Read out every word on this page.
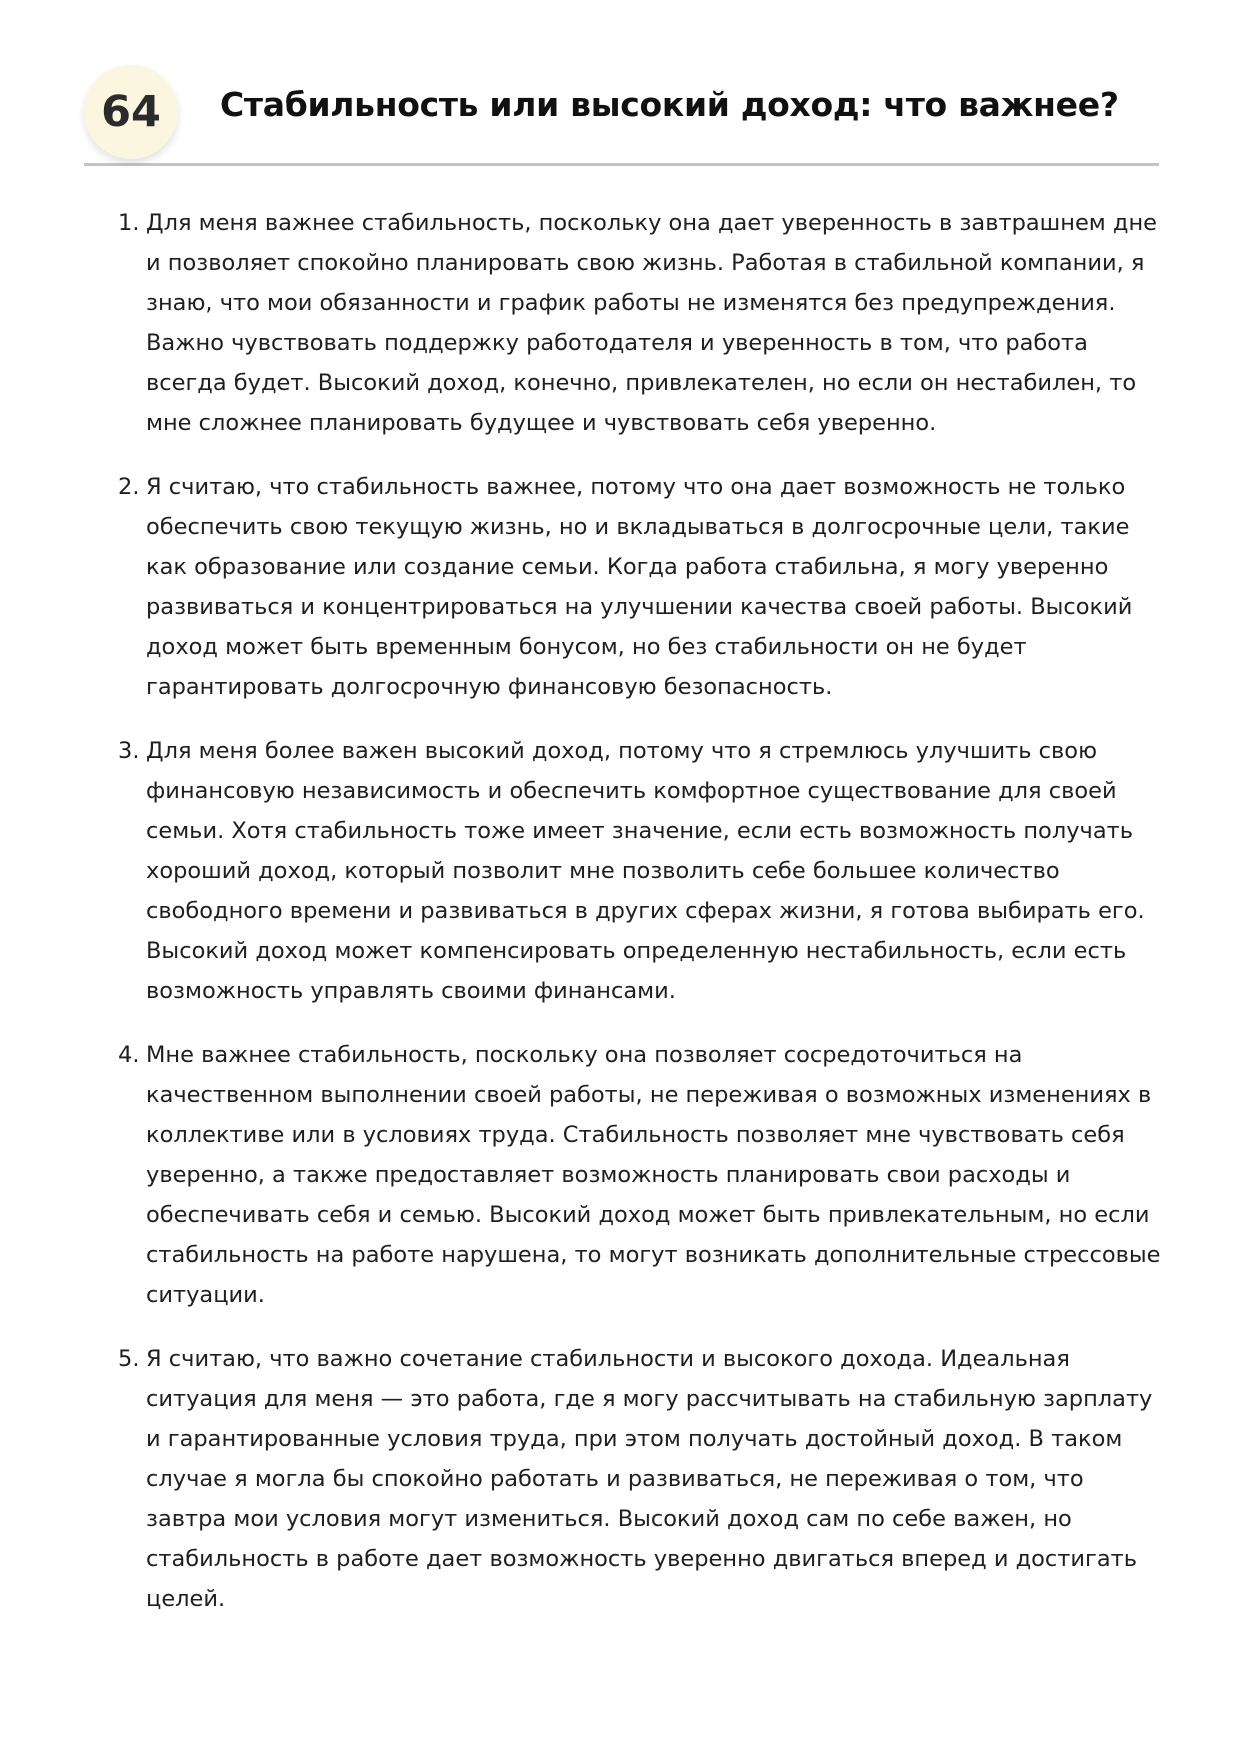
64	Стабильность или высокий доход: что важнее?
1. Для меня важнее стабильность, поскольку она дает уверенность в завтрашнем дне и позволяет спокойно планировать свою жизнь. Работая в стабильной компании, я знаю, что мои обязанности и график работы не изменятся без предупреждения. Важно чувствовать поддержку работодателя и уверенность в том, что работа всегда будет. Высокий доход, конечно, привлекателен, но если он нестабилен, то мне сложнее планировать будущее и чувствовать себя уверенно.
2. Я считаю, что стабильность важнее, потому что она дает возможность не только обеспечить свою текущую жизнь, но и вкладываться в долгосрочные цели, такие как образование или создание семьи. Когда работа стабильна, я могу уверенно развиваться и концентрироваться на улучшении качества своей работы. Высокий доход может быть временным бонусом, но без стабильности он не будет гарантировать долгосрочную финансовую безопасность.
3. Для меня более важен высокий доход, потому что я стремлюсь улучшить свою финансовую независимость и обеспечить комфортное существование для своей семьи. Хотя стабильность тоже имеет значение, если есть возможность получать хороший доход, который позволит мне позволить себе большее количество свободного времени и развиваться в других сферах жизни, я готова выбирать его. Высокий доход может компенсировать определенную нестабильность, если есть возможность управлять своими финансами.
4. Мне важнее стабильность, поскольку она позволяет сосредоточиться на качественном выполнении своей работы, не переживая о возможных изменениях в коллективе или в условиях труда. Стабильность позволяет мне чувствовать себя уверенно, а также предоставляет возможность планировать свои расходы и обеспечивать себя и семью. Высокий доход может быть привлекательным, но если стабильность на работе нарушена, то могут возникать дополнительные стрессовые ситуации.
5. Я считаю, что важно сочетание стабильности и высокого дохода. Идеальная ситуация для меня — это работа, где я могу рассчитывать на стабильную зарплату и гарантированные условия труда, при этом получать достойный доход. В таком случае я могла бы спокойно работать и развиваться, не переживая о том, что завтра мои условия могут измениться. Высокий доход сам по себе важен, но стабильность в работе дает возможность уверенно двигаться вперед и достигать целей.
